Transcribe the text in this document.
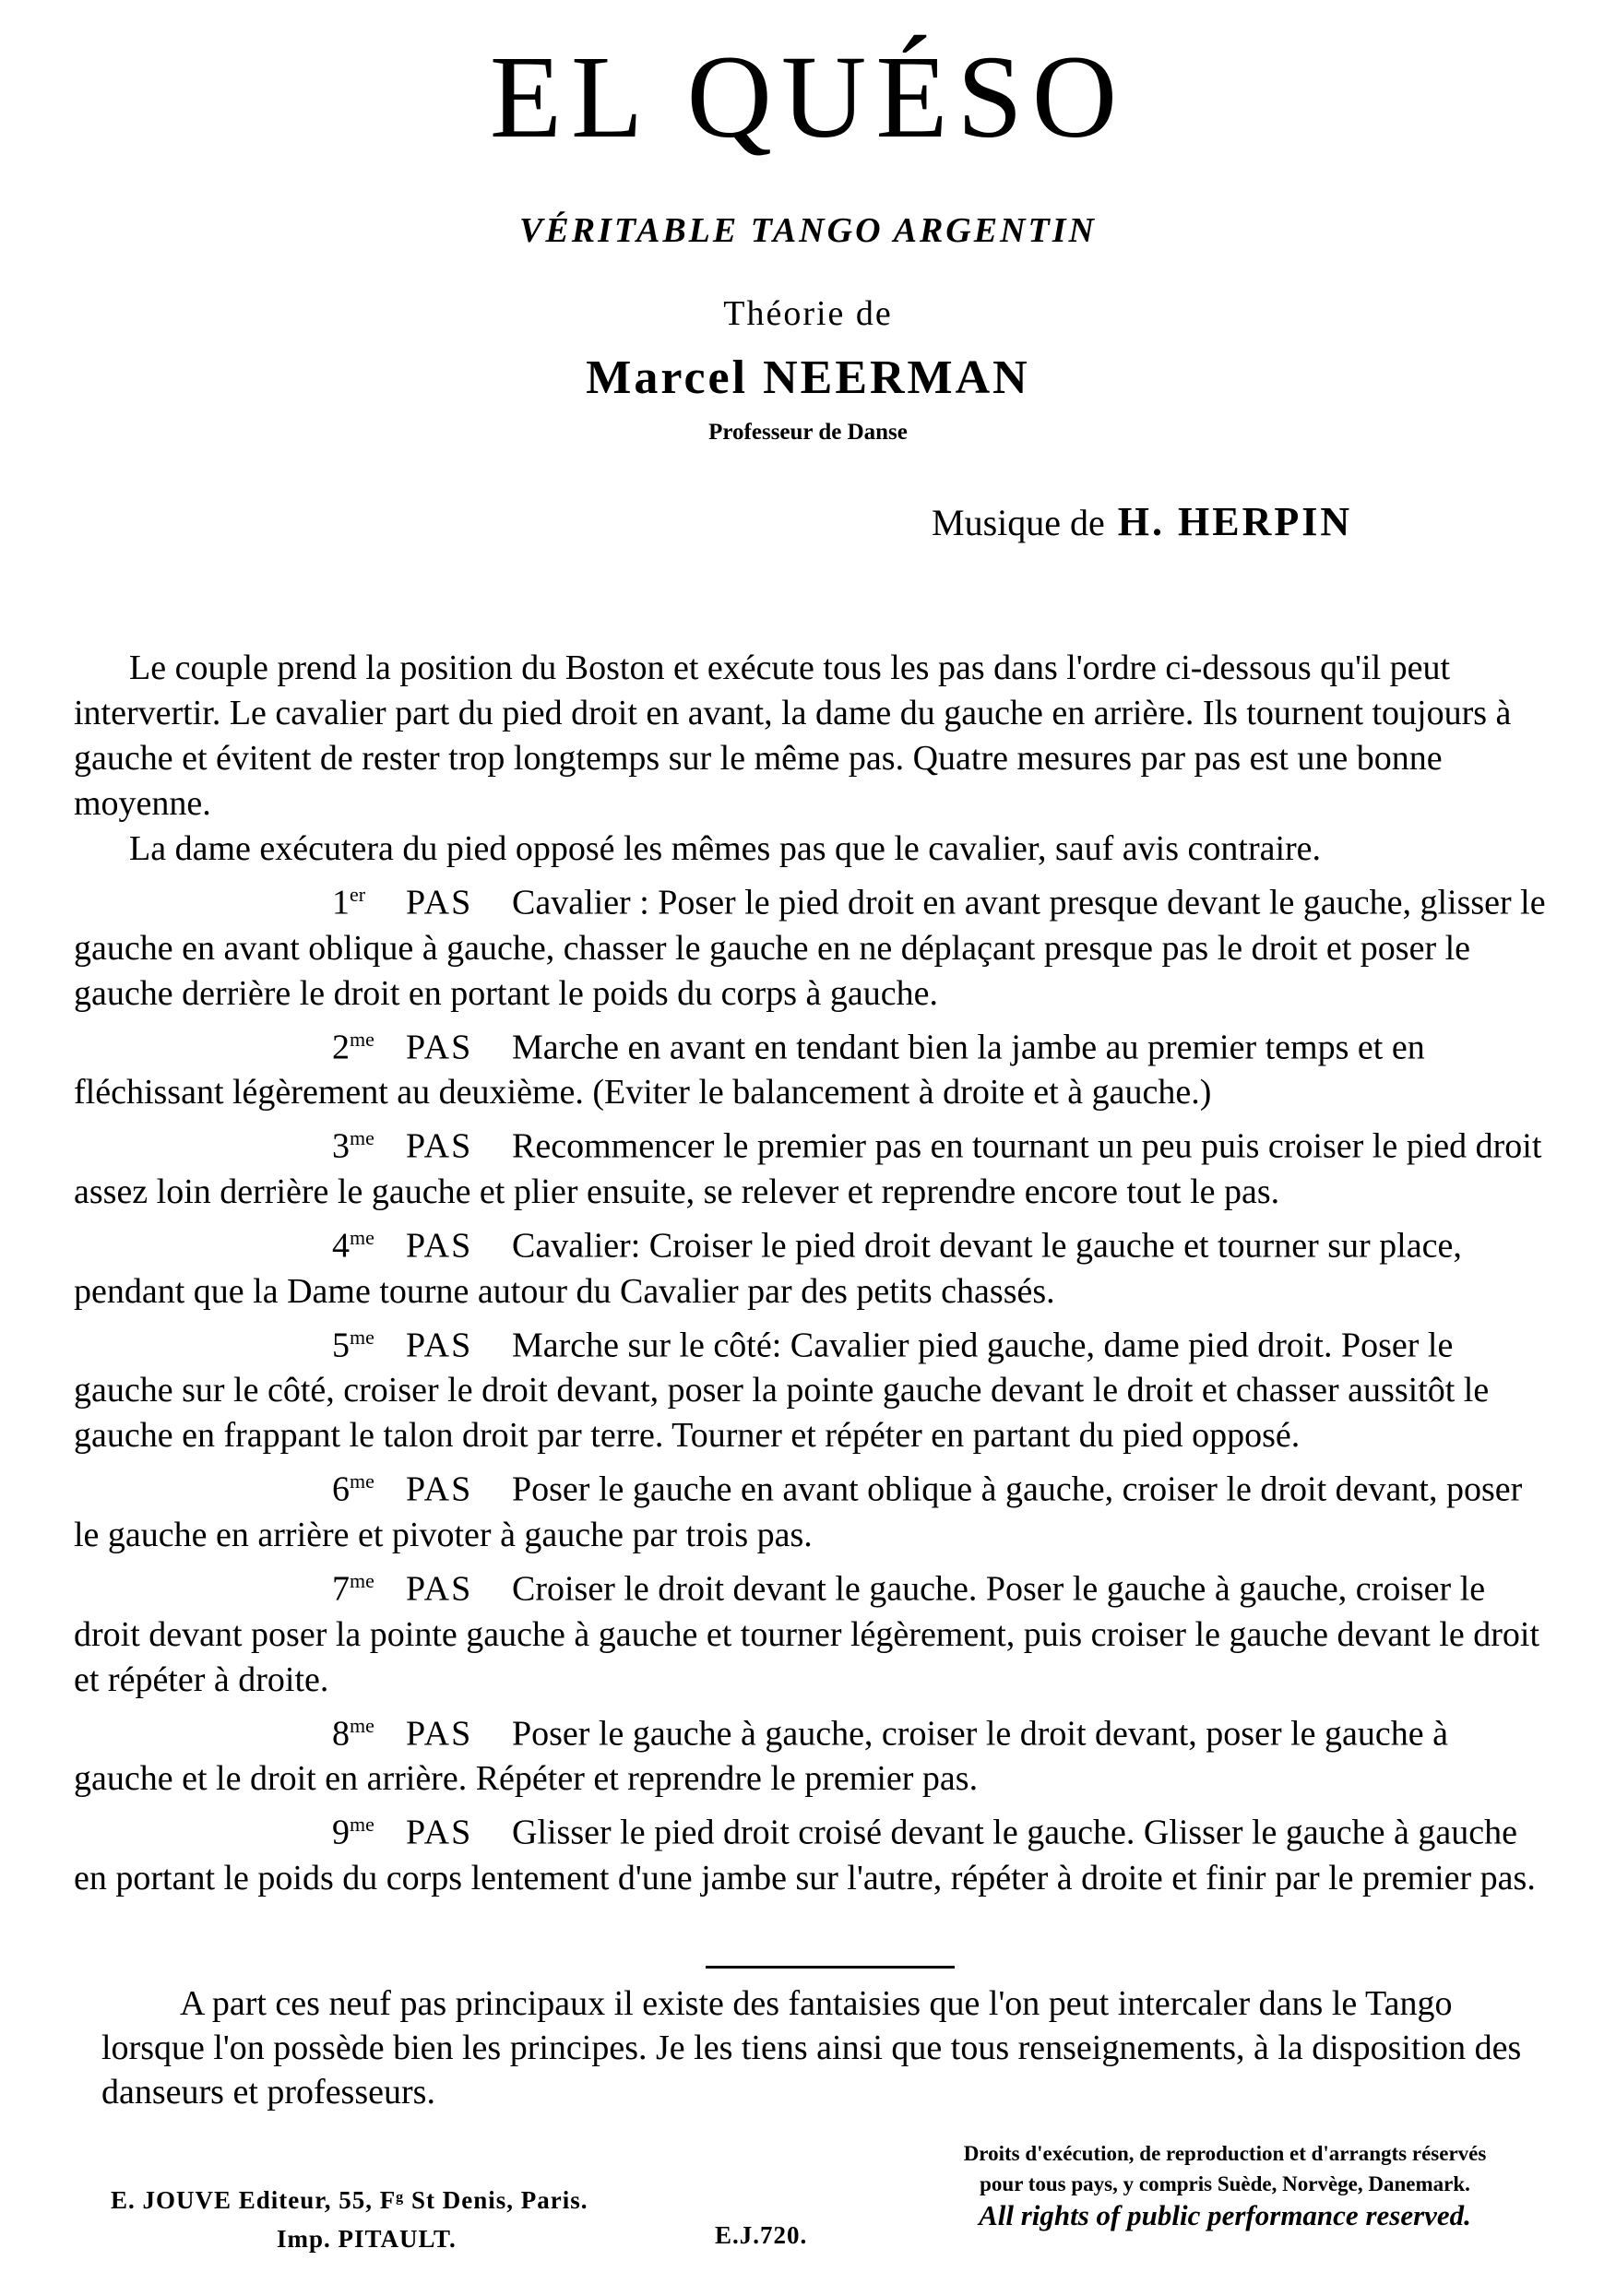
EL QUÉSO
VÉRITABLE TANGO ARGENTIN
Théorie de
Marcel NEERMAN
Professeur de Danse
Musique de H. HERPIN

Le couple prend la position du Boston et exécute tous les pas dans l'ordre ci-dessous qu'il peut intervertir. Le cavalier part du pied droit en avant, la dame du gauche en arrière. Ils tournent toujours à gauche et évitent de rester trop longtemps sur le même pas. Quatre mesures par pas est une bonne moyenne.

La dame exécutera du pied opposé les mêmes pas que le cavalier, sauf avis contraire.

1er PAS Cavalier : Poser le pied droit en avant presque devant le gauche, glisser le gauche en avant oblique à gauche, chasser le gauche en ne déplaçant presque pas le droit et poser le gauche derrière le droit en portant le poids du corps à gauche.

$2^{me}$ PAS Marche en avant en tendant bien la jambe au premier temps et en fléchissant légèrement au deuxième. (Eviter le balancement à droite et à gauche.)

$3^{me}$ PAS Recommencer le premier pas en tournant un peu puis croiser le pied droit assez loin derrière le gauche et plier ensuite, se relever et reprendre encore tout le pas.

$4^{me}$ PAS Cavalier: Croiser le pied droit devant le gauche et tourner sur place, pendant que la Dame tourne autour du Cavalier par des petits chassés.

$5^{me}$ PAS Marche sur le côté: Cavalier pied gauche, dame pied droit. Poser le gauche sur le côté, croiser le droit devant, poser la pointe gauche devant le droit et chasser aussitôt le gauche en frappant le talon droit par terre. Tourner et répéter en partant du pied opposé.

$6^{me}$ PAS Poser le gauche en avant oblique à gauche, croiser le droit devant, poser le gauche en arrière et pivoter à gauche par trois pas.

$7^{me}$ PAS Croiser le droit devant le gauche. Poser le gauche à gauche, croiser le droit devant poser la pointe gauche à gauche et tourner légèrement, puis croiser le gauche devant le droit et répéter à droite.

$8^{me}$ PAS Poser le gauche à gauche, croiser le droit devant, poser le gauche à gauche et le droit en arrière. Répéter et reprendre le premier pas.

$9^{me}$ PAS Glisser le pied droit croisé devant le gauche. Glisser le gauche à gauche en portant le poids du corps lentement d'une jambe sur l'autre, répéter à droite et finir par le premier pas.

A part ces neuf pas principaux il existe des fantaisies que l'on peut intercaler dans le Tango lorsque l'on possède bien les principes. Je les tiens ainsi que tous renseignements, à la disposition des danseurs et professeurs.

E. JOUVE Editeur, 55, Fᵍ St Denis, Paris.
Imp. PITAULT.	E.J.720.
Droits d'exécution, de reproduction et d'arrangts réservés
pour tous pays, y compris Suède, Norvège, Danemark.
All rights of public performance reserved.
